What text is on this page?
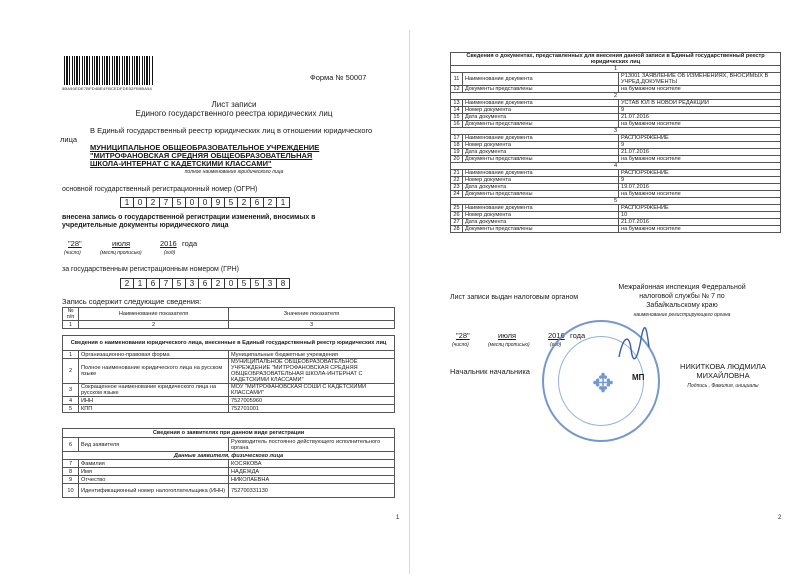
5BA50EDE7BFD4BE4FBCEDFDE52FB9BA54
Форма № 50007
Лист записи
Единого государственного реестра юридических лиц
В Единый государственный реестр юридических лиц в отношении юридического
лица
МУНИЦИПАЛЬНОЕ ОБЩЕОБРАЗОВАТЕЛЬНОЕ УЧРЕЖДЕНИЕ
"МИТРОФАНОВСКАЯ СРЕДНЯЯ ОБЩЕОБРАЗОВАТЕЛЬНАЯ
ШКОЛА-ИНТЕРНАТ С КАДЕТСКИМИ КЛАССАМИ"
полное наименование юридического лица
основной государственный регистрационный номер (ОГРН)
1	0	2	7	5	0	0	9	5	2	6	2	1
внесена запись о государственной регистрации изменений, вносимых в
учредительные документы юридического лица
"28"	июля	2016 года
(число)	(месяц прописью)	(год)
за государственным регистрационным номером (ГРН)
2	1	6	7	5	3	6	2	0	5	5	3	8
Запись содержит следующие сведения:
№ п/п	Наименование показателя	Значение показателя
1	2	3
Сведения о наименовании юридического лица, внесенные в Единый государственный реестр юридических лиц		
1	Организационно-правовая форма	Муниципальные бюджетные учреждения
2	Полное наименование юридического лица на русском языке	МУНИЦИПАЛЬНОЕ ОБЩЕОБРАЗОВАТЕЛЬНОЕ УЧРЕЖДЕНИЕ "МИТРОФАНОВСКАЯ СРЕДНЯЯ ОБЩЕОБРАЗОВАТЕЛЬНАЯ ШКОЛА-ИНТЕРНАТ С КАДЕТСКИМИ КЛАССАМИ"
3	Сокращенное наименование юридического лица на русском языке	МОУ "МИТРОФАНОВСКАЯ СОШИ С КАДЕТСКИМИ КЛАССАМИ"
4	ИНН	7527005960
5	КПП	752701001
Сведения о заявителях при данном виде регистрации		
6	Вид заявителя	Руководитель постоянно действующего исполнительного органа
Данные заявителя, физического лица		
7	Фамилия	КОСЯКОВА
8	Имя	НАДЕЖДА
9	Отчество	НИКОЛАЕВНА
10	Идентификационный номер налогоплательщика (ИНН)	752700331130
1
Сведения о документах, представленных для внесения данной записи в Единый государственный реестр юридических лиц		
1		
11	Наименование документа	Р13001 ЗАЯВЛЕНИЕ ОБ ИЗМЕНЕНИЯХ, ВНОСИМЫХ В УЧРЕД.ДОКУМЕНТЫ
12	Документы представлены	на бумажном носителе
2		
13	Наименование документа	УСТАВ ЮЛ В НОВОЙ РЕДАКЦИИ
14	Номер документа	9
15	Дата документа	21.07.2016
16	Документы представлены	на бумажном носителе
3		
17	Наименование документа	РАСПОРЯЖЕНИЕ
18	Номер документа	9
19	Дата документа	21.07.2016
20	Документы представлены	на бумажном носителе
4		
21	Наименование документа	РАСПОРЯЖЕНИЕ
22	Номер документа	9
23	Дата документа	19.07.2016
24	Документы представлены	на бумажном носителе
5		
25	Наименование документа	РАСПОРЯЖЕНИЕ
26	Номер документа	10
27	Дата документа	21.07.2016
28	Документы представлены	на бумажном носителе
Лист записи выдан налоговым органом
Межрайонная инспекция Федеральной
налоговой службы № 7 по
Забайкальскому краю
наименование регистрирующего органа
"28"	июля	2016 года
(число)	(месяц прописью)	(год)
Начальник начальника ✥	МП
НИКИТКОВА ЛЮДМИЛА
МИХАЙЛОВНА
Подпись , Фамилия, инициалы
2
